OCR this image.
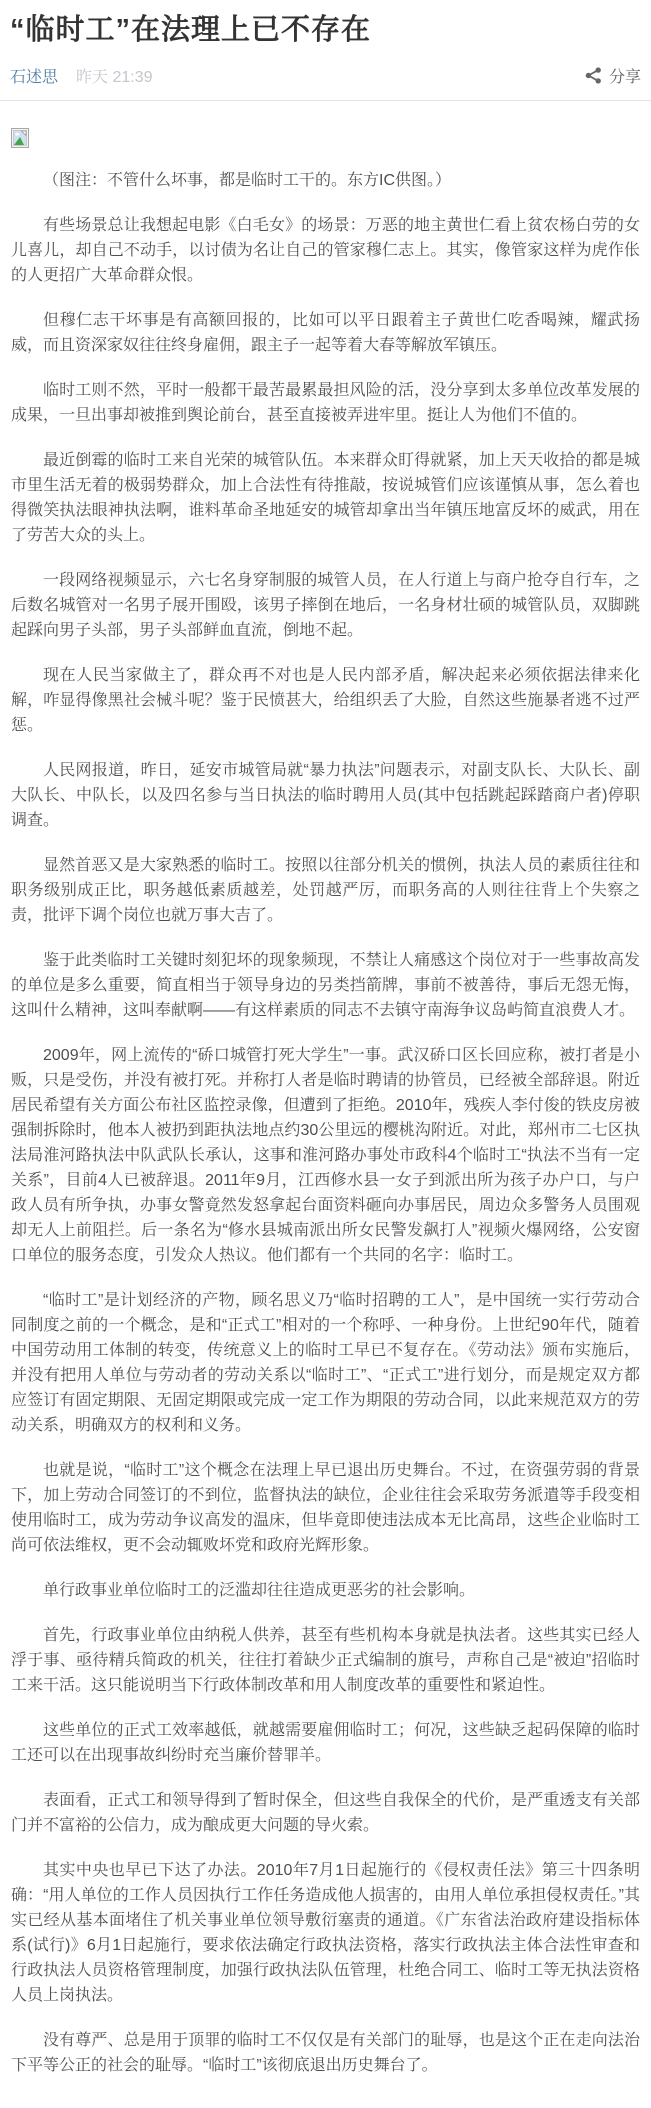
“临时工”在法理上已不存在
石述思 昨天 21:39	分享

（图注：不管什么坏事，都是临时工干的。东方IC供图。）

有些场景总让我想起电影《白毛女》的场景：万恶的地主黄世仁看上贫农杨白劳的女儿喜儿，却自己不动手，以讨债为名让自己的管家穆仁志上。其实，像管家这样为虎作伥的人更招广大革命群众恨。

但穆仁志干坏事是有高额回报的，比如可以平日跟着主子黄世仁吃香喝辣，耀武扬威，而且资深家奴往往终身雇佣，跟主子一起等着大春等解放军镇压。

临时工则不然，平时一般都干最苦最累最担风险的活，没分享到太多单位改革发展的成果，一旦出事却被推到舆论前台，甚至直接被弄进牢里。挺让人为他们不值的。

最近倒霉的临时工来自光荣的城管队伍。本来群众盯得就紧，加上天天收拾的都是城市里生活无着的极弱势群众，加上合法性有待推敲，按说城管们应该谨慎从事，怎么着也得微笑执法眼神执法啊，谁料革命圣地延安的城管却拿出当年镇压地富反坏的威武，用在了劳苦大众的头上。

一段网络视频显示，六七名身穿制服的城管人员，在人行道上与商户抢夺自行车，之后数名城管对一名男子展开围殴，该男子摔倒在地后，一名身材壮硕的城管队员，双脚跳起踩向男子头部，男子头部鲜血直流，倒地不起。

现在人民当家做主了，群众再不对也是人民内部矛盾，解决起来必须依据法律来化解，咋显得像黑社会械斗呢？鉴于民愤甚大，给组织丢了大脸，自然这些施暴者逃不过严惩。

人民网报道，昨日，延安市城管局就“暴力执法”问题表示，对副支队长、大队长、副大队长、中队长，以及四名参与当日执法的临时聘用人员(其中包括跳起踩踏商户者)停职调查。

显然首恶又是大家熟悉的临时工。按照以往部分机关的惯例，执法人员的素质往往和职务级别成正比，职务越低素质越差，处罚越严厉，而职务高的人则往往背上个失察之责，批评下调个岗位也就万事大吉了。

鉴于此类临时工关键时刻犯坏的现象频现，不禁让人痛感这个岗位对于一些事故高发的单位是多么重要，简直相当于领导身边的另类挡箭牌，事前不被善待，事后无怨无悔，这叫什么精神，这叫奉献啊——有这样素质的同志不去镇守南海争议岛屿简直浪费人才。

2009年，网上流传的“硚口城管打死大学生”一事。武汉硚口区长回应称，被打者是小贩，只是受伤，并没有被打死。并称打人者是临时聘请的协管员，已经被全部辞退。附近居民希望有关方面公布社区监控录像，但遭到了拒绝。2010年，残疾人李付俊的铁皮房被强制拆除时，他本人被扔到距执法地点约30公里远的樱桃沟附近。对此，郑州市二七区执法局淮河路执法中队武队长承认，这事和淮河路办事处市政科4个临时工“执法不当有一定关系”，目前4人已被辞退。2011年9月，江西修水县一女子到派出所为孩子办户口，与户政人员有所争执，办事女警竟然发怒拿起台面资料砸向办事居民，周边众多警务人员围观却无人上前阻拦。后一条名为“修水县城南派出所女民警发飙打人”视频火爆网络，公安窗口单位的服务态度，引发众人热议。他们都有一个共同的名字：临时工。

“临时工”是计划经济的产物，顾名思义乃“临时招聘的工人”，是中国统一实行劳动合同制度之前的一个概念，是和“正式工”相对的一个称呼、一种身份。上世纪90年代，随着中国劳动用工体制的转变，传统意义上的临时工早已不复存在。《劳动法》颁布实施后，并没有把用人单位与劳动者的劳动关系以“临时工”、“正式工”进行划分，而是规定双方都应签订有固定期限、无固定期限或完成一定工作为期限的劳动合同，以此来规范双方的劳动关系，明确双方的权利和义务。

也就是说，“临时工”这个概念在法理上早已退出历史舞台。不过，在资强劳弱的背景下，加上劳动合同签订的不到位，监督执法的缺位，企业往往会采取劳务派遣等手段变相使用临时工，成为劳动争议高发的温床，但毕竟即使违法成本无比高昂，这些企业临时工尚可依法维权，更不会动辄败坏党和政府光辉形象。

单行政事业单位临时工的泛滥却往往造成更恶劣的社会影响。

首先，行政事业单位由纳税人供养，甚至有些机构本身就是执法者。这些其实已经人浮于事、亟待精兵简政的机关，往往打着缺少正式编制的旗号，声称自己是“被迫”招临时工来干活。这只能说明当下行政体制改革和用人制度改革的重要性和紧迫性。

这些单位的正式工效率越低，就越需要雇佣临时工；何况，这些缺乏起码保障的临时工还可以在出现事故纠纷时充当廉价替罪羊。

表面看，正式工和领导得到了暂时保全，但这些自我保全的代价，是严重透支有关部门并不富裕的公信力，成为酿成更大问题的导火索。

其实中央也早已下达了办法。2010年7月1日起施行的《侵权责任法》第三十四条明确：“用人单位的工作人员因执行工作任务造成他人损害的，由用人单位承担侵权责任。”其实已经从基本面堵住了机关事业单位领导敷衍塞责的通道。《广东省法治政府建设指标体系(试行)》6月1日起施行，要求依法确定行政执法资格，落实行政执法主体合法性审查和行政执法人员资格管理制度，加强行政执法队伍管理，杜绝合同工、临时工等无执法资格人员上岗执法。

没有尊严、总是用于顶罪的临时工不仅仅是有关部门的耻辱，也是这个正在走向法治下平等公正的社会的耻辱。“临时工”该彻底退出历史舞台了。
